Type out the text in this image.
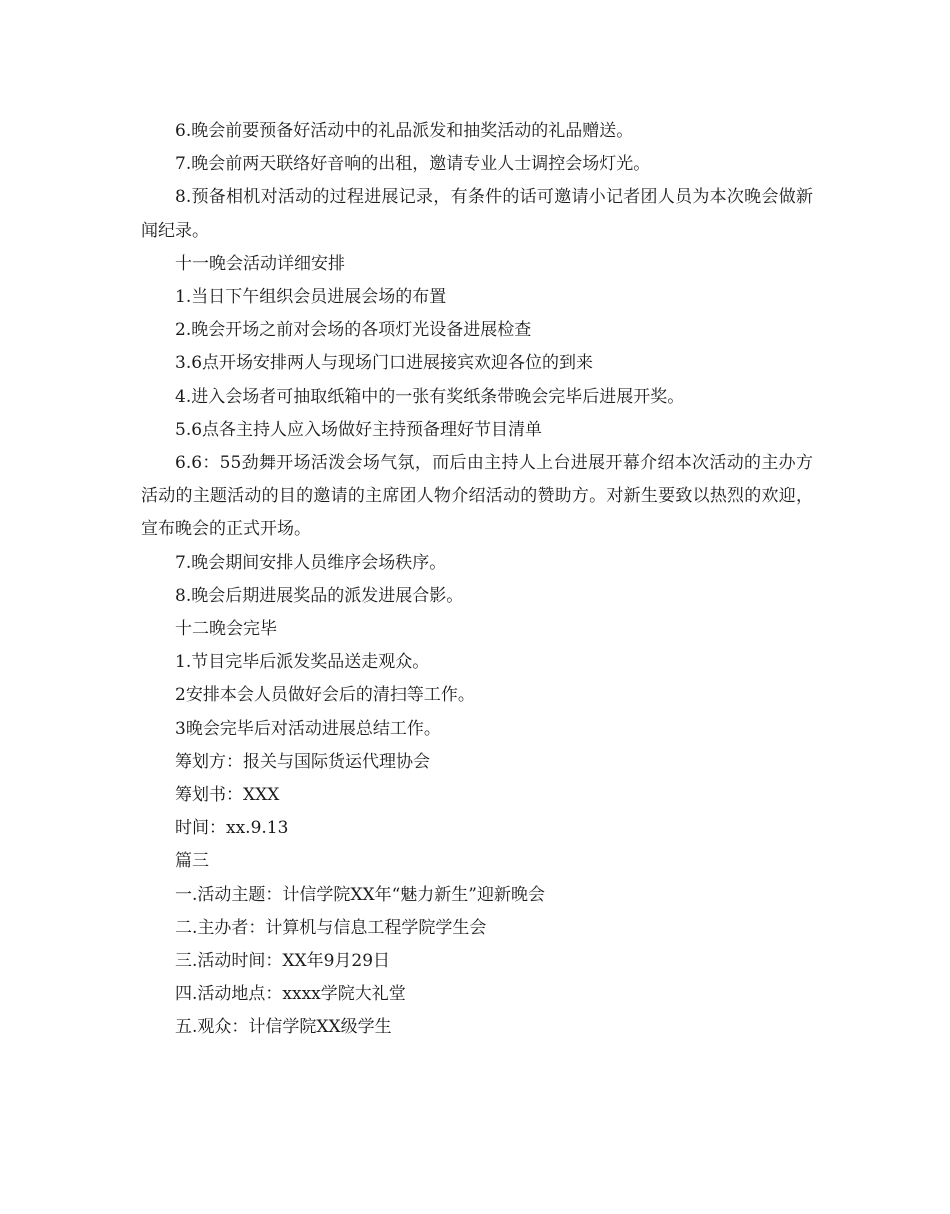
6.晚会前要预备好活动中的礼品派发和抽奖活动的礼品赠送。

7.晚会前两天联络好音响的出租，邀请专业人士调控会场灯光。

8.预备相机对活动的过程进展记录，有条件的话可邀请小记者团人员为本次晚会做新闻纪录。

十一晚会活动详细安排

1.当日下午组织会员进展会场的布置

2.晚会开场之前对会场的各项灯光设备进展检查

3.6点开场安排两人与现场门口进展接宾欢迎各位的到来

4.进入会场者可抽取纸箱中的一张有奖纸条带晚会完毕后进展开奖。

5.6点各主持人应入场做好主持预备理好节目清单

6.6：55劲舞开场活泼会场气氛，而后由主持人上台进展开幕介绍本次活动的主办方活动的主题活动的目的邀请的主席团人物介绍活动的赞助方。对新生要致以热烈的欢迎，宣布晚会的正式开场。

7.晚会期间安排人员维序会场秩序。

8.晚会后期进展奖品的派发进展合影。

十二晚会完毕

1.节目完毕后派发奖品送走观众。

2安排本会人员做好会后的清扫等工作。

3晚会完毕后对活动进展总结工作。

筹划方：报关与国际货运代理协会

筹划书：XXX

时间：xx.9.13

篇三

一.活动主题：计信学院XX年“魅力新生”迎新晚会

二.主办者：计算机与信息工程学院学生会

三.活动时间：XX年9月29日

四.活动地点：xxxx学院大礼堂

五.观众：计信学院XX级学生
